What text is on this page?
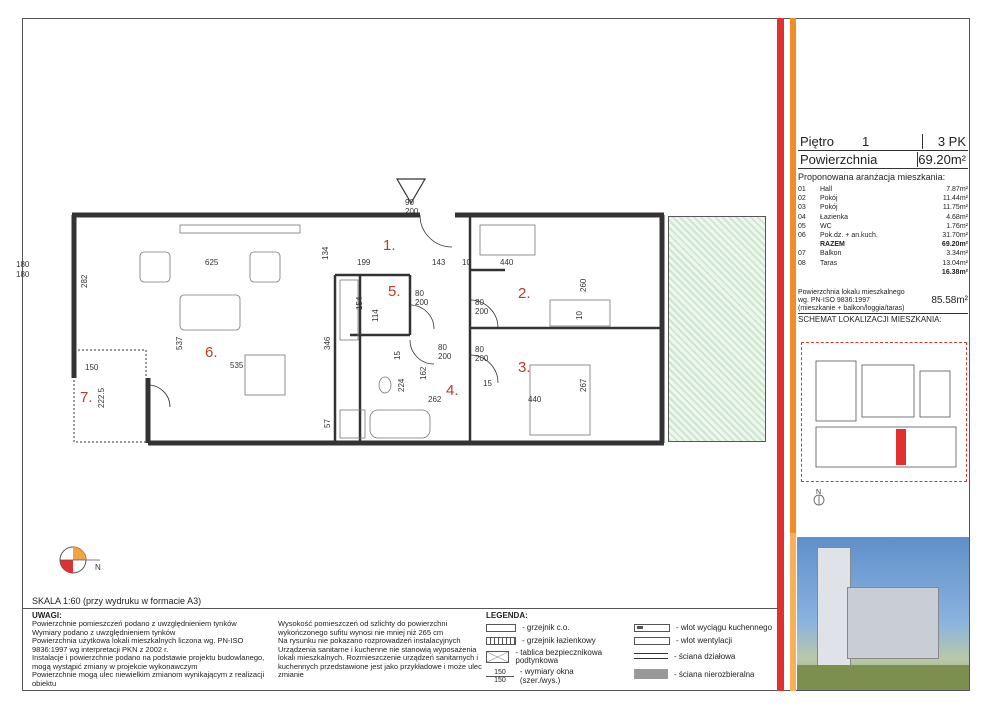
1.
2.
3.
4.
5.
6.
7.
625
537
535
282
199	143
134
440
260
267
440
10
10
346
224
262
162
15
150
222.5
57
154
114
15
180
180
80
200
80
200
80
200
80
200
90
200
N
Piętro	1	3 PK
Powierzchnia	69.20m²
Proponowana aranżacja mieszkania:
01	Hall	7.87m²
02	Pokój	11.44m²
03	Pokój	11.75m²
04	Łazienka	4.68m²
05	WC	1.76m²
06	Pok.dz. + an.kuch.	31.70m²
RAZEM	69.20m²
07	Balkon	3.34m²
08	Taras	13.04m²
16.38m²
Powierzchnia lokalu mieszkalnego
wg. PN-ISO 9836:1997
(mieszkanie + balkon/loggia/taras)
85.58m²
SCHEMAT LOKALIZACJI MIESZKANIA:
N
SKALA 1:60 (przy wydruku w formacie A3)
UWAGI:
Powierzchnie pomieszczeń podano z uwzględnieniem tynków
Wymiary podano z uwzględnieniem tynków
Powierzchnia użytkowa lokali mieszkalnych liczona wg. PN-ISO 9836:1997 wg interpretacji PKN z 2002 r.
Instalacje i powierzchnie podano na podstawie projektu budowlanego, mogą wystąpić zmiany w projekcie wykonawczym
Powierzchnie mogą ulec niewielkim zmianom wynikającym z realizacji obiektu
Wysokość pomieszczeń od szlichty do powierzchni wykończonego sufitu wynosi nie mniej niż 265 cm
Na rysunku nie pokazano rozprowadzeń instalacyjnych
Urządzenia sanitarne i kuchenne nie stanowią wyposażenia lokali mieszkalnych. Rozmieszczenie urządzeń sanitarnych i kuchennych przedstawione jest jako przykładowe i może ulec zmianie
LEGENDA:
- grzejnik c.o.
- grzejnik łazienkowy
- tablica bezpiecznikowa podtynkowa
150
150
- wymiary okna (szer./wys.)
- wlot wyciągu kuchennego
- wlot wentylacji
- ściana działowa
- ściana nierozbieralna
